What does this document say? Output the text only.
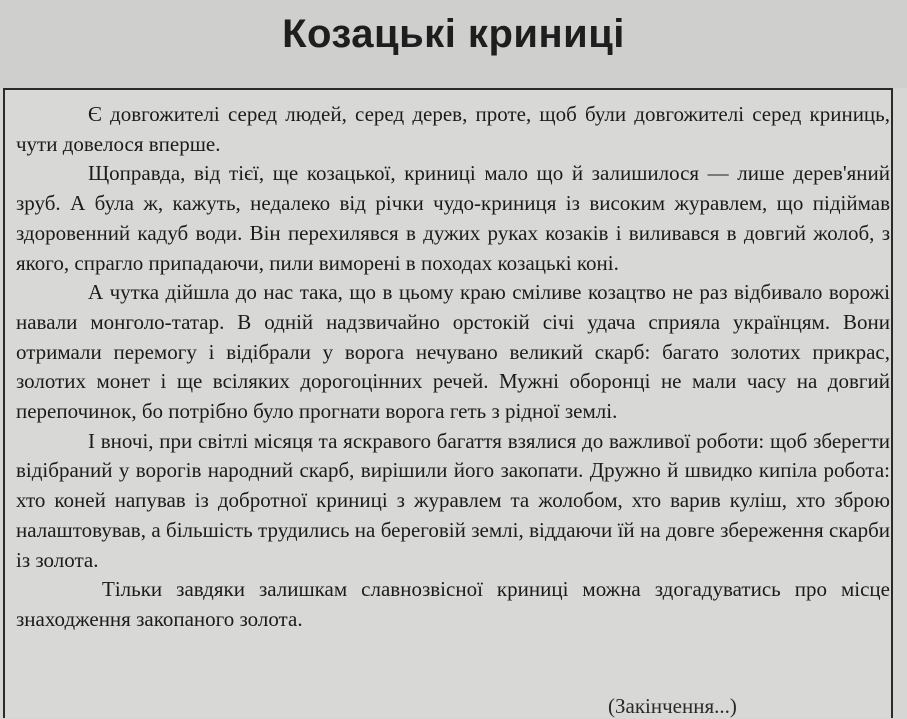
Козацькі криниці

Є довгожителі серед людей, серед дерев, проте, щоб були довгожителі серед криниць, чути довелося вперше.

Щоправда, від тієї, ще козацької, криниці мало що й залишилося — лише дерев'яний зруб. А була ж, кажуть, недалеко від річки чудо-криниця із високим журавлем, що підіймав здоровенний кадуб води. Він перехилявся в дужих руках козаків і виливався в довгий жолоб, з якого, спрагло припадаючи, пили виморені в походах козацькі коні.

А чутка дійшла до нас така, що в цьому краю сміливе козацтво не раз відбивало ворожі навали монголо-татар. В одній надзвичайно орстокій січі удача сприяла українцям. Вони отримали перемогу і відібрали у ворога нечувано великий скарб: багато золотих прикрас, золотих монет і ще всіляких дорогоцінних речей. Мужні оборонці не мали часу на довгий перепочинок, бо потрібно було прогнати ворога геть з рідної землі.

І вночі, при світлі місяця та яскравого багаття взялися до важливої роботи: щоб зберегти відібраний у ворогів народний скарб, вирішили його закопати. Дружно й швидко кипіла робота: хто коней напував із добротної криниці з журавлем та жолобом, хто варив куліш, хто зброю налаштовував, а більшість трудились на береговій землі, віддаючи їй на довге збереження скарби із золота.

Тільки завдяки залишкам славнозвісної криниці можна здогадуватись про місце знаходження закопаного золота.

(Закінчення...)
